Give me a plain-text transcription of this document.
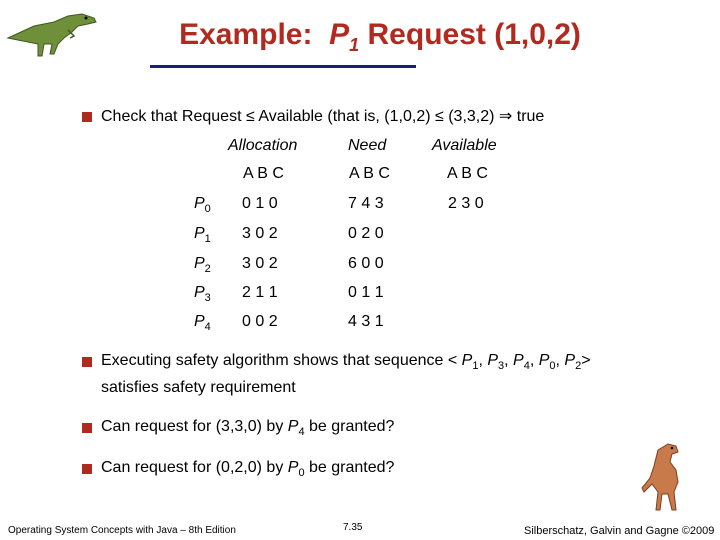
Example: $P_1$ Request (1,0,2)
Check that Request ≤ Available (that is, (1,0,2) ≤ (3,3,2) ⇒ true
Allocation	Need	Available
A B C	A B C	A B C
$P_0$ 0 1 0	7 4 3	2 3 0
$P_1$ 3 0 2	0 2 0
$P_2$ 3 0 2	6 0 0
$P_3$ 2 1 1	0 1 1
$P_4$ 0 0 2	4 3 1
Executing safety algorithm shows that sequence < $P_1$, $P_3$, $P_4$, $P_0$, $P_2>$
satisfies safety requirement
Can request for (3,3,0) by $P_4$ be granted?
Can request for (0,2,0) by $P_0$ be granted?
Operating System Concepts with Java – 8th Edition	7.35	Silberschatz, Galvin and Gagne ©2009
